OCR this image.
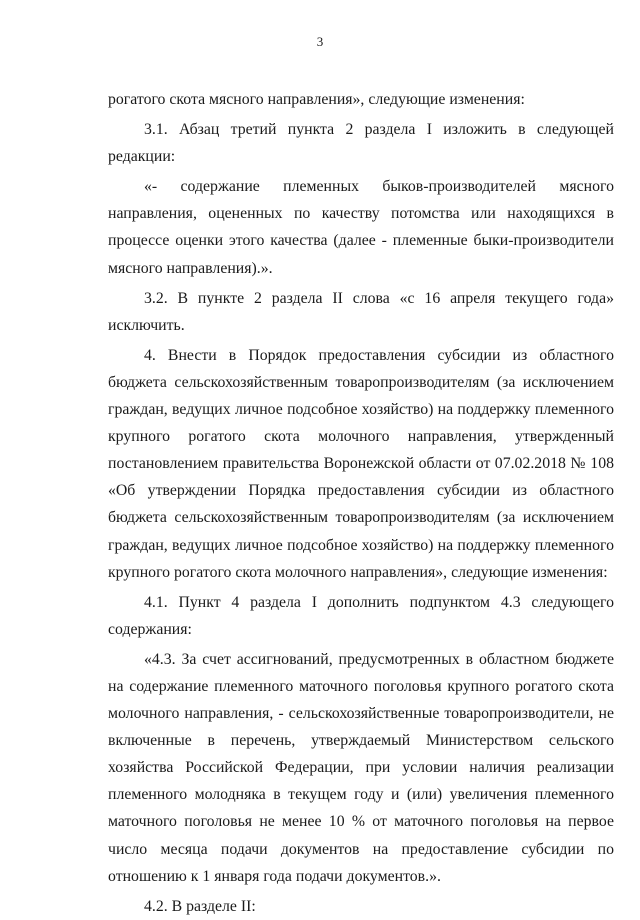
3

рогатого скота мясного направления», следующие изменения:

3.1. Абзац третий пункта 2 раздела I изложить в следующей редакции:

«- содержание племенных быков-производителей мясного направления, оцененных по качеству потомства или находящихся в процессе оценки этого качества (далее - племенные быки-производители мясного направления).».

3.2. В пункте 2 раздела II слова «с 16 апреля текущего года» исключить.

4. Внести в Порядок предоставления субсидии из областного бюджета сельскохозяйственным товаропроизводителям (за исключением граждан, ведущих личное подсобное хозяйство) на поддержку племенного крупного рогатого скота молочного направления, утвержденный постановлением правительства Воронежской области от 07.02.2018 № 108 «Об утверждении Порядка предоставления субсидии из областного бюджета сельскохозяйственным товаропроизводителям (за исключением граждан, ведущих личное подсобное хозяйство) на поддержку племенного крупного рогатого скота молочного направления», следующие изменения:

4.1. Пункт 4 раздела I дополнить подпунктом 4.3 следующего содержания:

«4.3. За счет ассигнований, предусмотренных в областном бюджете на содержание племенного маточного поголовья крупного рогатого скота молочного направления, - сельскохозяйственные товаропроизводители, не включенные в перечень, утверждаемый Министерством сельского хозяйства Российской Федерации, при условии наличия реализации племенного молодняка в текущем году и (или) увеличения племенного маточного поголовья не менее 10 % от маточного поголовья на первое число месяца подачи документов на предоставление субсидии по отношению к 1 января года подачи документов.».

4.2. В разделе II:
